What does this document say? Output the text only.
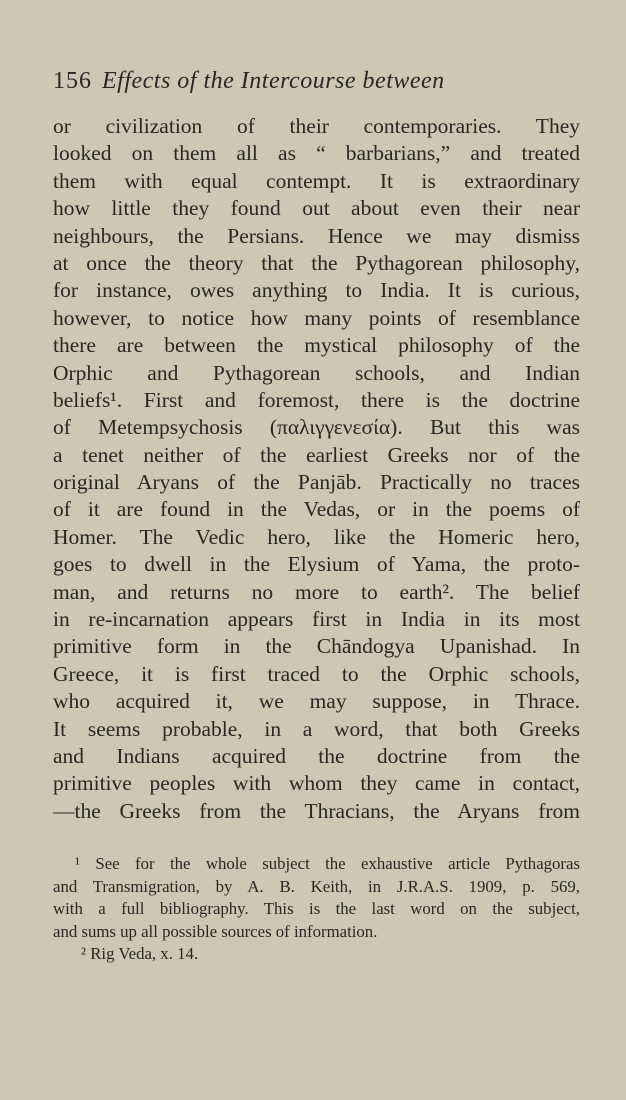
156 Effects of the Intercourse between
or civilization of their contemporaries. They
looked on them all as “ barbarians,” and treated
them with equal contempt. It is extraordinary
how little they found out about even their near
neighbours, the Persians. Hence we may dismiss
at once the theory that the Pythagorean philosophy,
for instance, owes anything to India. It is curious,
however, to notice how many points of resemblance
there are between the mystical philosophy of the
Orphic and Pythagorean schools, and Indian
beliefs¹. First and foremost, there is the doctrine
of Metempsychosis (παλιγγενεσία). But this was
a tenet neither of the earliest Greeks nor of the
original Aryans of the Panjāb. Practically no traces
of it are found in the Vedas, or in the poems of
Homer. The Vedic hero, like the Homeric hero,
goes to dwell in the Elysium of Yama, the proto-
man, and returns no more to earth². The belief
in re-incarnation appears first in India in its most
primitive form in the Chāndogya Upanishad. In
Greece, it is first traced to the Orphic schools,
who acquired it, we may suppose, in Thrace.
It seems probable, in a word, that both Greeks
and Indians acquired the doctrine from the
primitive peoples with whom they came in contact,
—the Greeks from the Thracians, the Aryans from
¹ See for the whole subject the exhaustive article Pythagoras
and Transmigration, by A. B. Keith, in J.R.A.S. 1909, p. 569,
with a full bibliography. This is the last word on the subject,
and sums up all possible sources of information.
² Rig Veda, x. 14.
